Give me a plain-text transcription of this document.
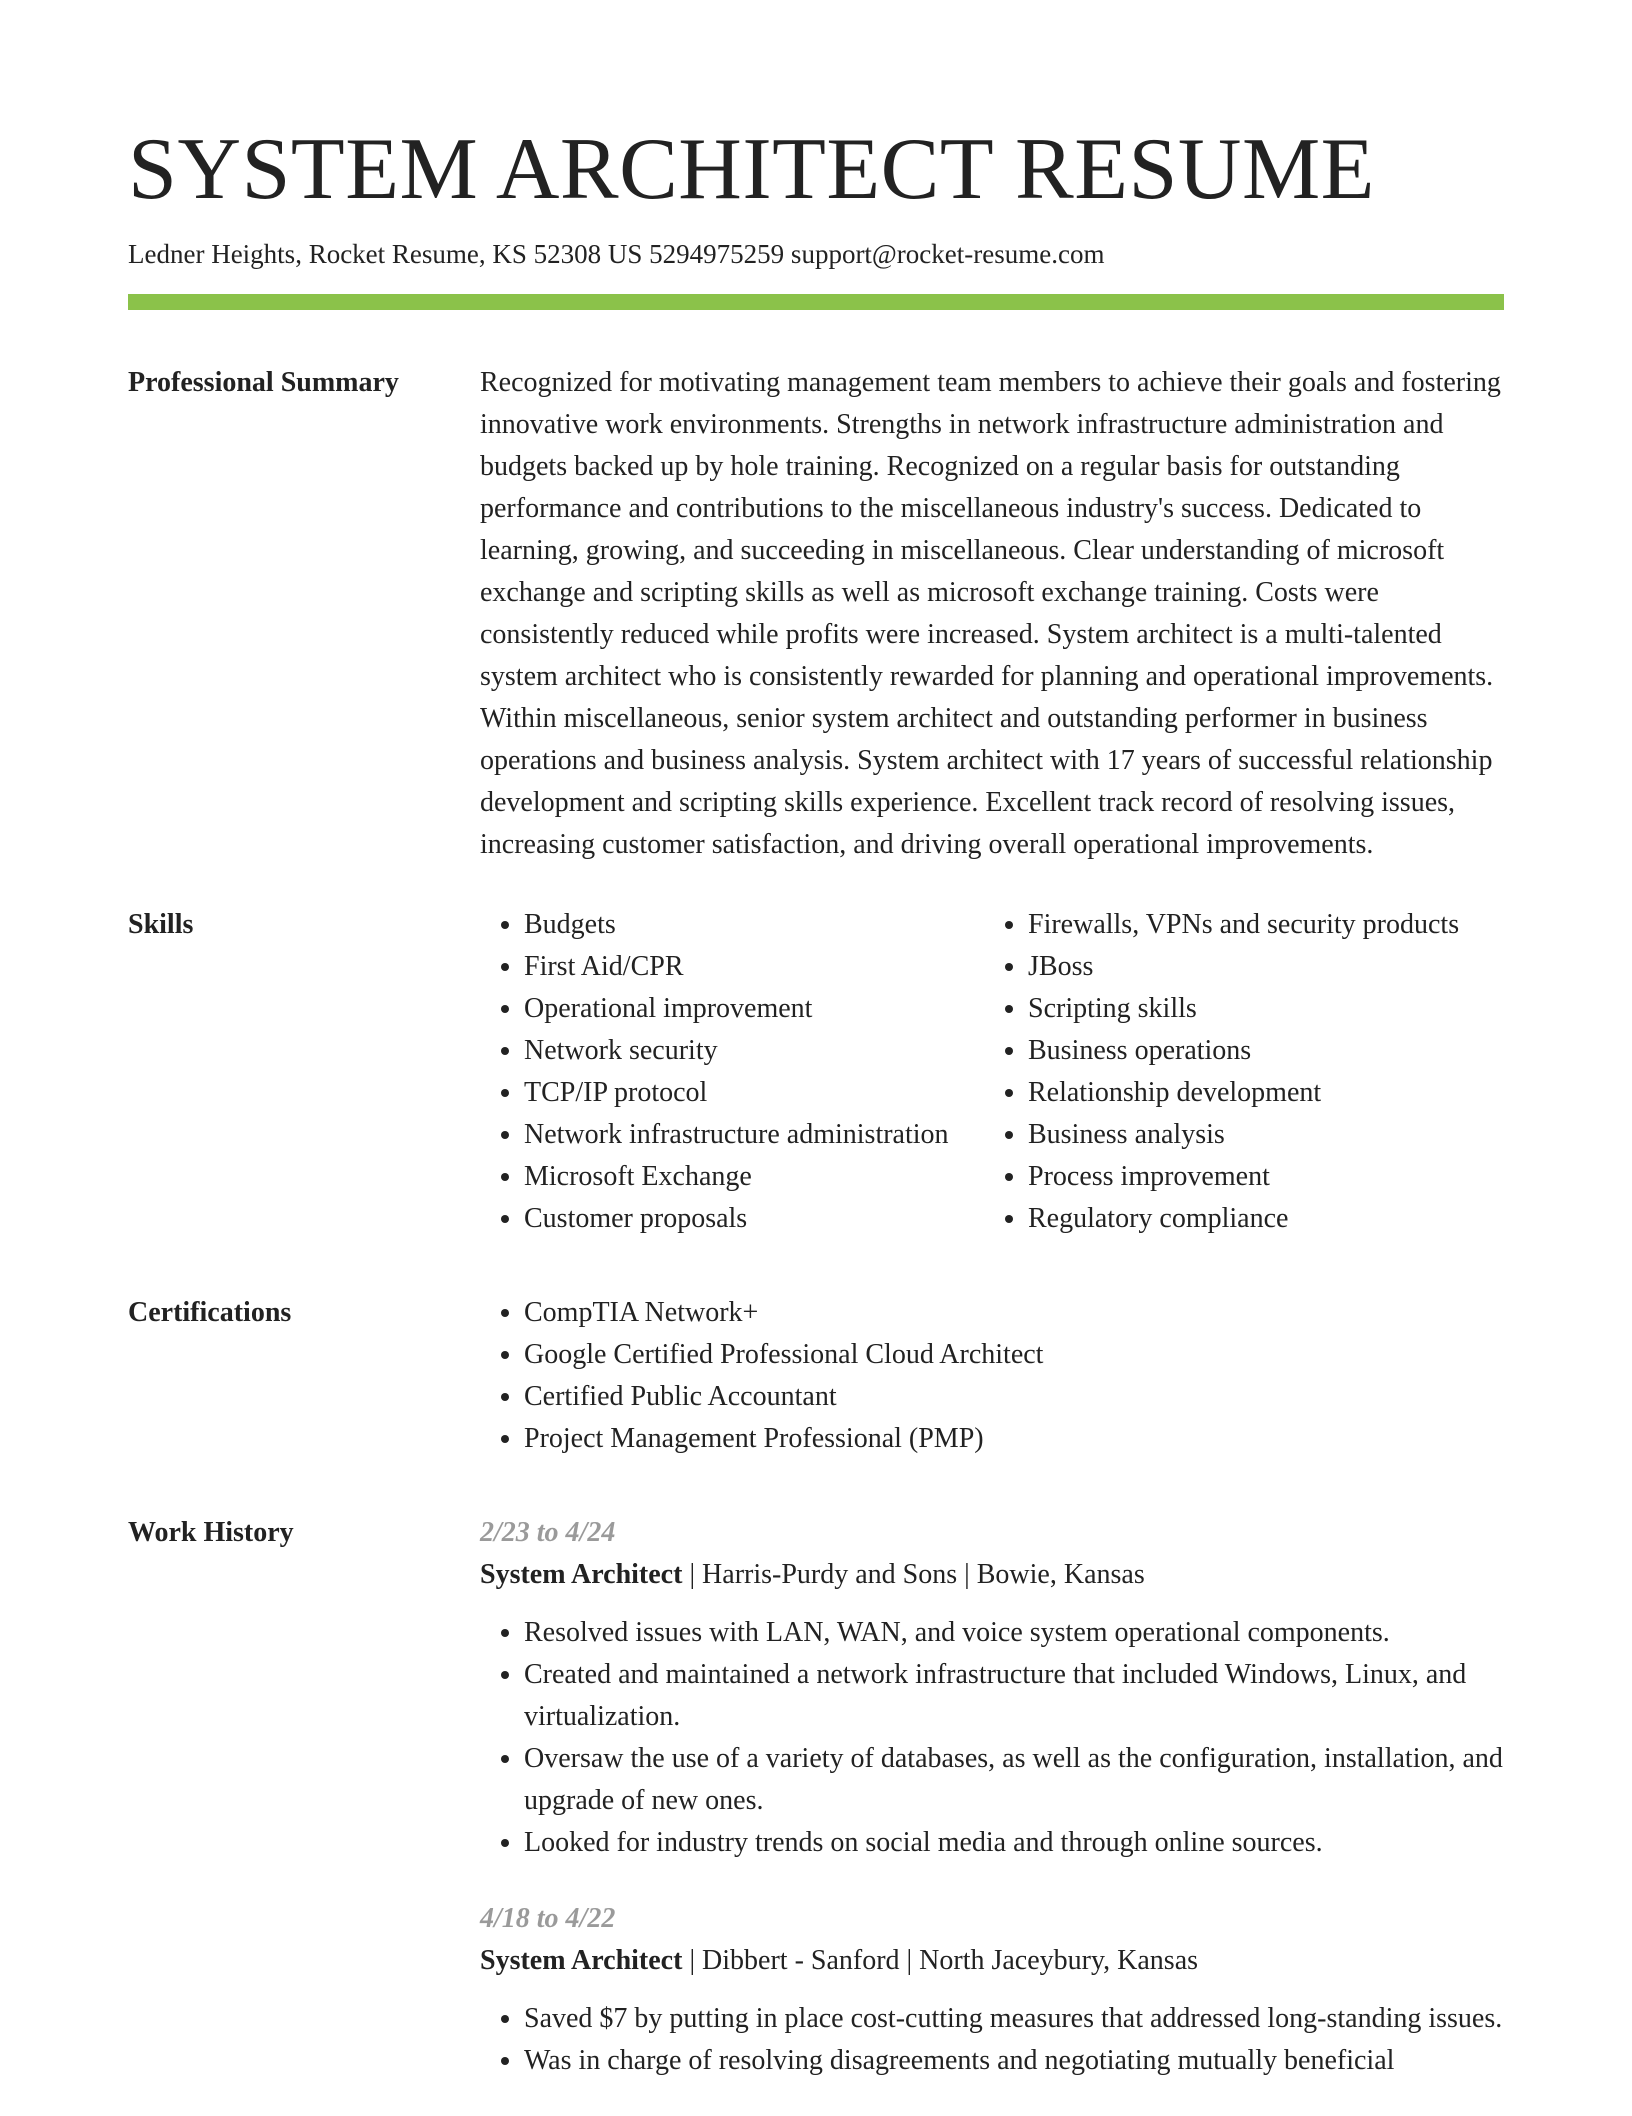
SYSTEM ARCHITECT RESUME
Ledner Heights, Rocket Resume, KS 52308 US 5294975259 support@rocket-resume.com
Professional Summary	Recognized for motivating management team members to achieve their goals and fostering innovative work environments. Strengths in network infrastructure administration and budgets backed up by hole training. Recognized on a regular basis for outstanding performance and contributions to the miscellaneous industry's success. Dedicated to learning, growing, and succeeding in miscellaneous. Clear understanding of microsoft exchange and scripting skills as well as microsoft exchange training. Costs were consistently reduced while profits were increased. System architect is a multi-talented system architect who is consistently rewarded for planning and operational improvements. Within miscellaneous, senior system architect and outstanding performer in business operations and business analysis. System architect with 17 years of successful relationship development and scripting skills experience. Excellent track record of resolving issues, increasing customer satisfaction, and driving overall operational improvements.

Skills	• Budgets
• First Aid/CPR
• Operational improvement
• Network security
• TCP/IP protocol
• Network infrastructure administration
• Microsoft Exchange
• Customer proposals
• Firewalls, VPNs and security products
• JBoss
• Scripting skills
• Business operations
• Relationship development
• Business analysis
• Process improvement
• Regulatory compliance
Certifications	• CompTIA Network+
• Google Certified Professional Cloud Architect
• Certified Public Accountant
• Project Management Professional (PMP)
Work History	2/23 to 4/24
System Architect | Harris-Purdy and Sons | Bowie, Kansas
• Resolved issues with LAN, WAN, and voice system operational components.
• Created and maintained a network infrastructure that included Windows, Linux, and virtualization.
• Oversaw the use of a variety of databases, as well as the configuration, installation, and upgrade of new ones.
• Looked for industry trends on social media and through online sources.
4/18 to 4/22
System Architect | Dibbert - Sanford | North Jaceybury, Kansas
• Saved $7 by putting in place cost-cutting measures that addressed long-standing issues.
• Was in charge of resolving disagreements and negotiating mutually beneficial
